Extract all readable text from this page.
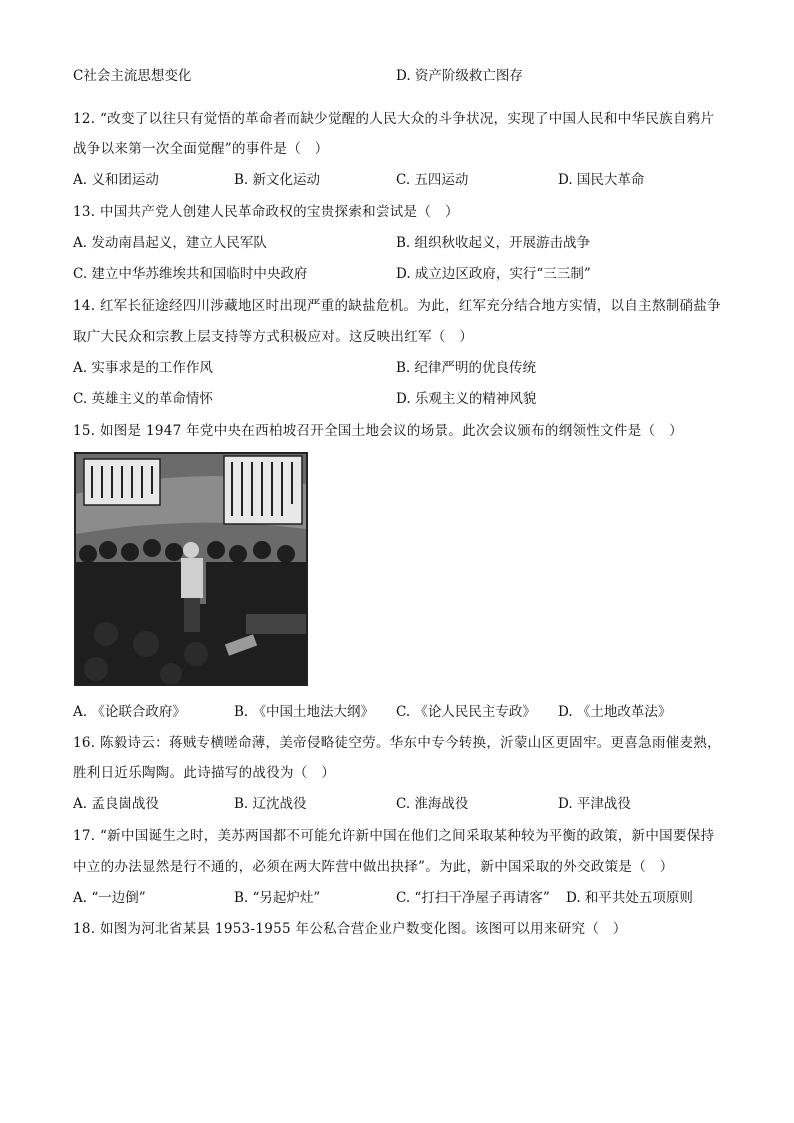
C社会主流思想变化	D. 资产阶级救亡图存
12. “改变了以往只有觉悟的革命者而缺少觉醒的人民大众的斗争状况，实现了中国人民和中华民族自鸦片
战争以来第一次全面觉醒”的事件是（　）
A. 义和团运动	B. 新文化运动	C. 五四运动	D. 国民大革命
13. 中国共产党人创建人民革命政权的宝贵探索和尝试是（　）
A. 发动南昌起义，建立人民军队	B. 组织秋收起义，开展游击战争
C. 建立中华苏维埃共和国临时中央政府	D. 成立边区政府，实行“三三制”
14. 红军长征途经四川涉藏地区时出现严重的缺盐危机。为此，红军充分结合地方实情，以自主熬制硝盐争
取广大民众和宗教上层支持等方式积极应对。这反映出红军（　）
A. 实事求是的工作作风	B. 纪律严明的优良传统
C. 英雄主义的革命情怀	D. 乐观主义的精神风貌
15. 如图是 1947 年党中央在西柏坡召开全国土地会议的场景。此次会议颁布的纲领性文件是（　）
A. 《论联合政府》	B. 《中国土地法大纲》 C. 《论人民民主专政》 D. 《土地改革法》
16. 陈毅诗云：蒋贼专横嗟命薄，美帝侵略徒空劳。华东中专今转换，沂蒙山区更固牢。更喜急雨催麦熟，
胜利日近乐陶陶。此诗描写的战役为（　）
A. 孟良崮战役	B. 辽沈战役	C. 淮海战役	D. 平津战役
17. “新中国诞生之时，美苏两国都不可能允许新中国在他们之间采取某种较为平衡的政策，新中国要保持
中立的办法显然是行不通的，必须在两大阵营中做出抉择”。为此，新中国采取的外交政策是（　）
A. “一边倒”	B. “另起炉灶”	C. “打扫干净屋子再请客” D. 和平共处五项原则
18. 如图为河北省某县 1953-1955 年公私合营企业户数变化图。该图可以用来研究（　）
